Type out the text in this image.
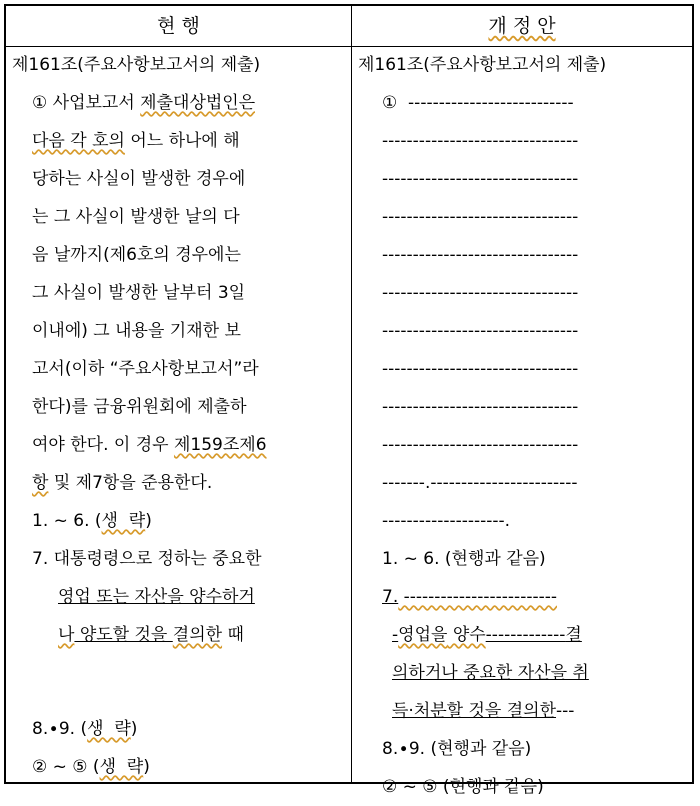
현 행	개 정 안
제161조(주요사항보고서의 제출)
① 사업보고서 제출대상법인은
다음 각 호의 어느 하나에 해
당하는 사실이 발생한 경우에
는 그 사실이 발생한 날의 다
음 날까지(제6호의 경우에는
그 사실이 발생한 날부터 3일
이내에) 그 내용을 기재한 보
고서(이하 “주요사항보고서”라
한다)를 금융위원회에 제출하
여야 한다. 이 경우 제159조제6
항 및 제7항을 준용한다.
1. ~ 6. (생  략)
7. 대통령령으로 정하는 중요한
영업 또는 자산을 양수하거
나 양도할 것을 결의한 때
8.∙9. (생  략)
② ~ ⑤ (생  략)
제161조(주요사항보고서의 제출)
①  ---------------------------
--------------------------------
--------------------------------
--------------------------------
--------------------------------
--------------------------------
--------------------------------
--------------------------------
--------------------------------
--------------------------------
-------.------------------------
--------------------.
1. ~ 6. (현행과 같음)
7. -------------------------
-영업을 양수-------------결
의하거나 중요한 자산을 취
득·처분할 것을 결의한---
8.∙9. (현행과 같음)
② ~ ⑤ (현행과 같음)
